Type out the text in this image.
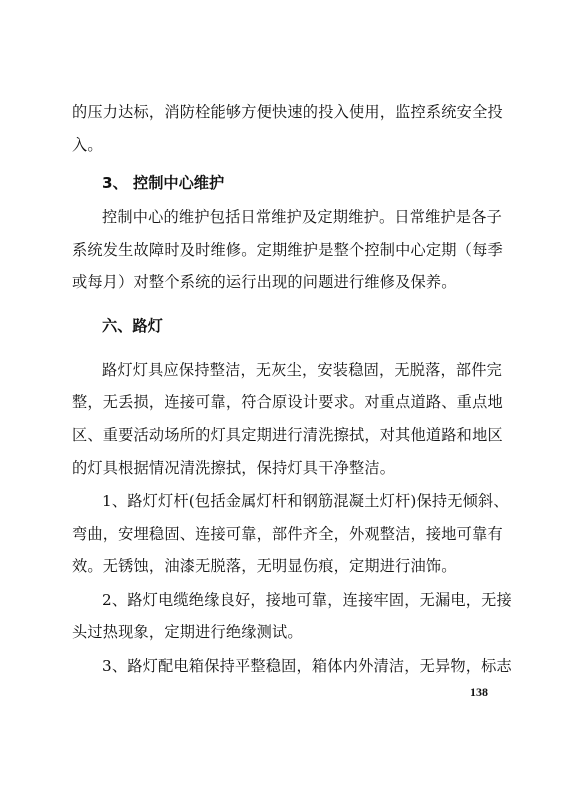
的压力达标，消防栓能够方便快速的投入使用，监控系统安全投
入。
3、 控制中心维护
控制中心的维护包括日常维护及定期维护。日常维护是各子
系统发生故障时及时维修。定期维护是整个控制中心定期（每季
或每月）对整个系统的运行出现的问题进行维修及保养。
六、路灯
路灯灯具应保持整洁，无灰尘，安装稳固，无脱落，部件完
整，无丢损，连接可靠，符合原设计要求。对重点道路、重点地
区、重要活动场所的灯具定期进行清洗擦拭，对其他道路和地区
的灯具根据情况清洗擦拭，保持灯具干净整洁。
1、路灯灯杆(包括金属灯杆和钢筋混凝土灯杆)保持无倾斜、
弯曲，安埋稳固、连接可靠，部件齐全，外观整洁，接地可靠有
效。无锈蚀，油漆无脱落，无明显伤痕，定期进行油饰。
2、路灯电缆绝缘良好，接地可靠，连接牢固，无漏电，无接
头过热现象，定期进行绝缘测试。
3、路灯配电箱保持平整稳固，箱体内外清洁，无异物，标志
138
